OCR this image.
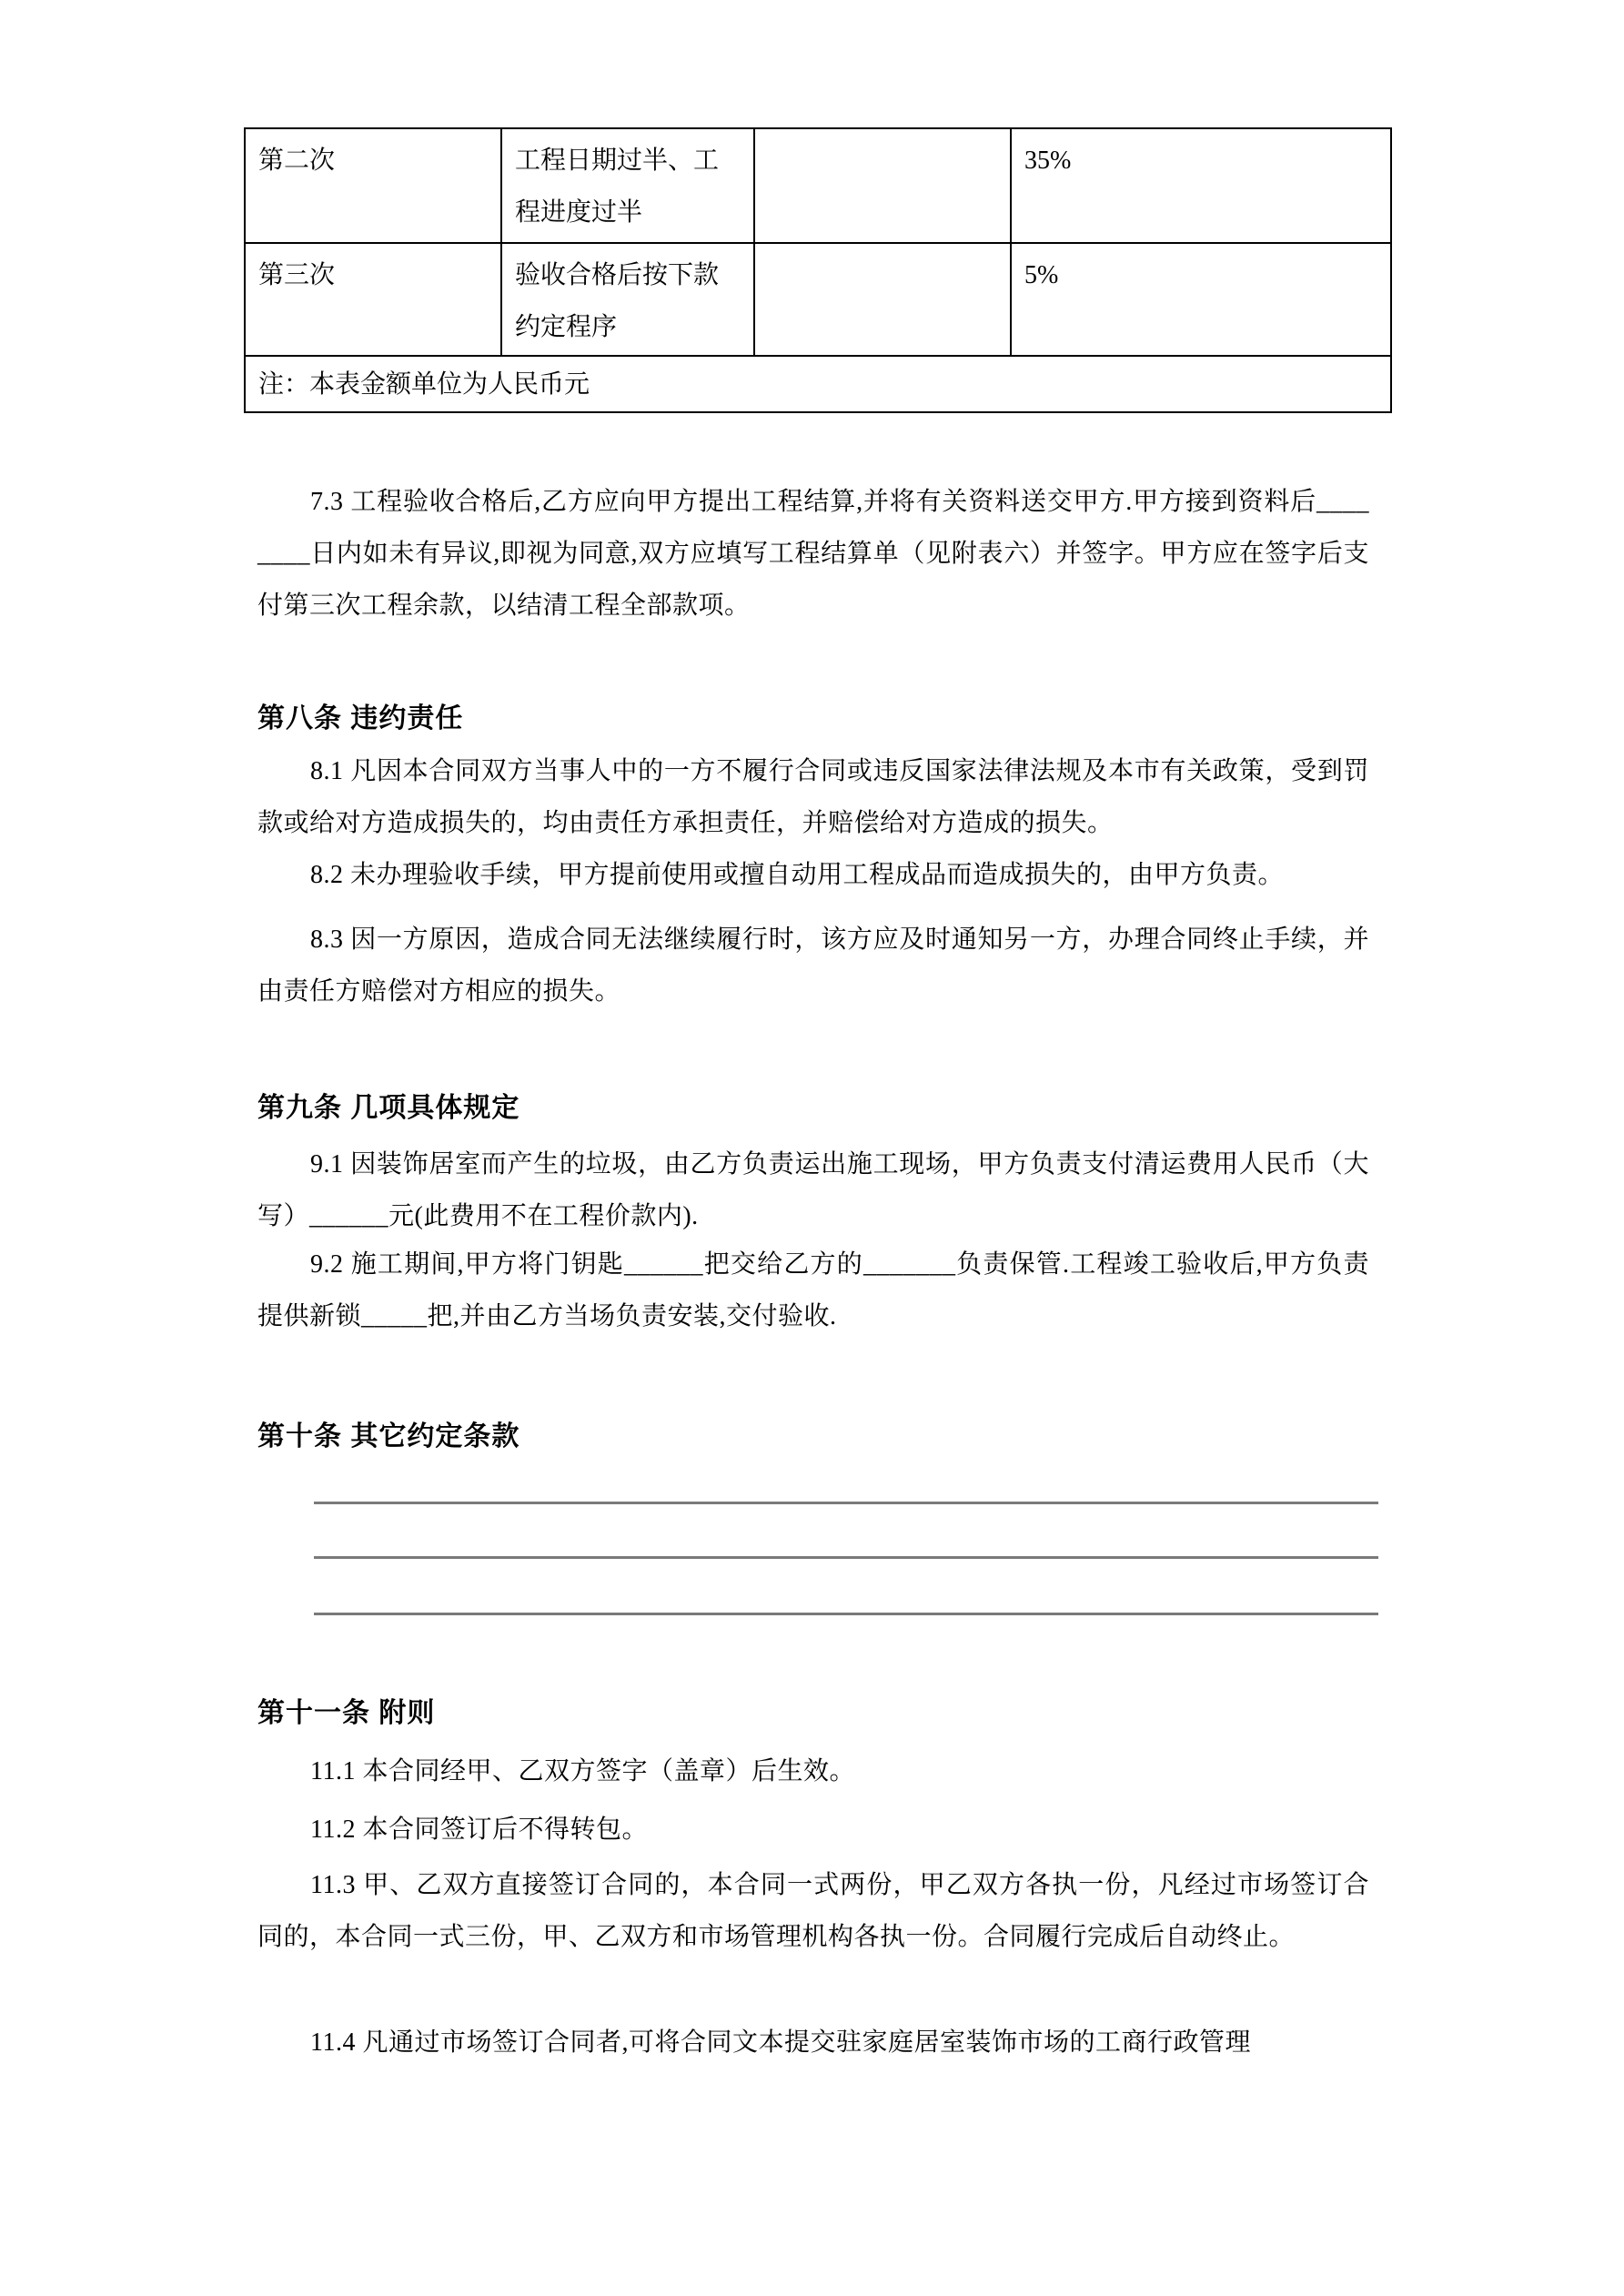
第二次	工程日期过半、工程进度过半		35%
第三次	验收合格后按下款约定程序		5%
注：本表金额单位为人民币元			

7.3 工程验收合格后,乙方应向甲方提出工程结算,并将有关资料送交甲方.甲方接到资料后________日内如未有异议,即视为同意,双方应填写工程结算单（见附表六）并签字。甲方应在签字后支付第三次工程余款，以结清工程全部款项。

第八条 违约责任

8.1 凡因本合同双方当事人中的一方不履行合同或违反国家法律法规及本市有关政策，受到罚款或给对方造成损失的，均由责任方承担责任，并赔偿给对方造成的损失。

8.2 未办理验收手续，甲方提前使用或擅自动用工程成品而造成损失的，由甲方负责。

8.3 因一方原因，造成合同无法继续履行时，该方应及时通知另一方，办理合同终止手续，并由责任方赔偿对方相应的损失。

第九条 几项具体规定

9.1 因装饰居室而产生的垃圾，由乙方负责运出施工现场，甲方负责支付清运费用人民币（大写）______元(此费用不在工程价款内).

9.2 施工期间,甲方将门钥匙______把交给乙方的_______负责保管.工程竣工验收后,甲方负责提供新锁_____把,并由乙方当场负责安装,交付验收.

第十条 其它约定条款
第十一条 附则

11.1 本合同经甲、乙双方签字（盖章）后生效。

11.2 本合同签订后不得转包。

11.3 甲、乙双方直接签订合同的，本合同一式两份，甲乙双方各执一份，凡经过市场签订合同的，本合同一式三份，甲、乙双方和市场管理机构各执一份。合同履行完成后自动终止。

11.4 凡通过市场签订合同者,可将合同文本提交驻家庭居室装饰市场的工商行政管理
